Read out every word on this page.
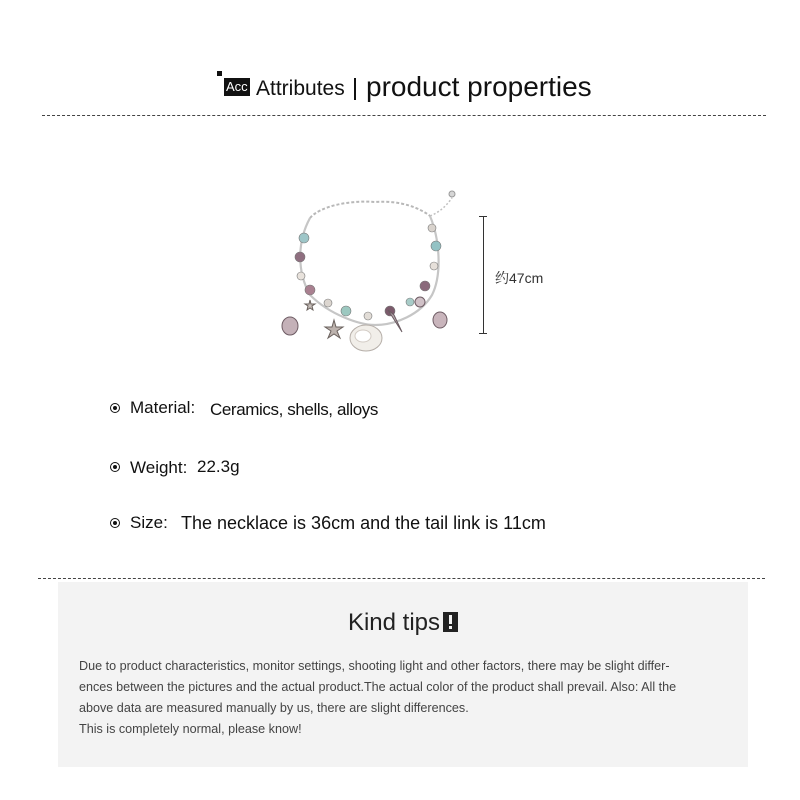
Acc Attributes product properties
约47cm
Material: Ceramics, shells, alloys
Weight: 22.3g
Size: The necklace is 36cm and the tail link is 11cm
Kind tips

Due to product characteristics, monitor settings, shooting light and other factors, there may be slight differ-

ences between the pictures and the actual product.The actual color of the product shall prevail. Also: All the

above data are measured manually by us, there are slight differences.

This is completely normal, please know!
